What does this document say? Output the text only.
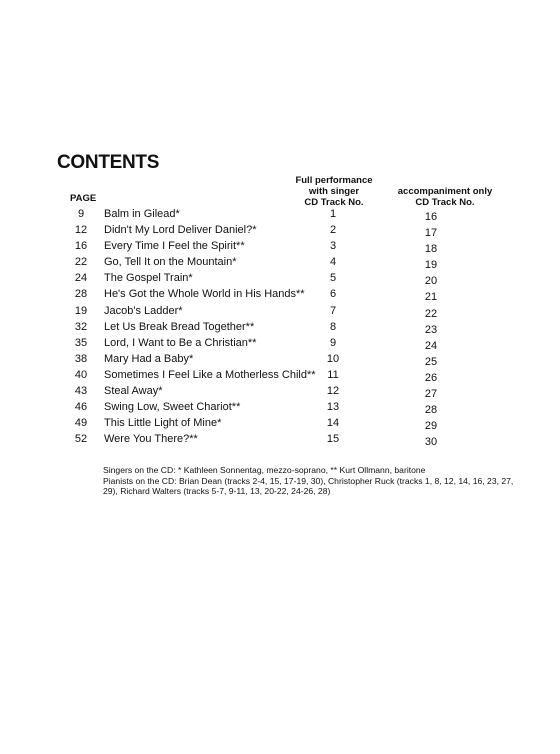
CONTENTS
PAGE
Full performance
with singer
CD Track No.
accompaniment only
CD Track No.
9	Balm in Gilead*	1	16
12	Didn't My Lord Deliver Daniel?*	2	17
16	Every Time I Feel the Spirit**	3	18
22	Go, Tell It on the Mountain*	4	19
24	The Gospel Train*	5	20
28	He's Got the Whole World in His Hands**	6	21
19	Jacob's Ladder*	7	22
32	Let Us Break Bread Together**	8	23
35	Lord, I Want to Be a Christian**	9	24
38	Mary Had a Baby*	10	25
40	Sometimes I Feel Like a Motherless Child**	11	26
43	Steal Away*	12	27
46	Swing Low, Sweet Chariot**	13	28
49	This Little Light of Mine*	14	29
52	Were You There?**	15	30
Singers on the CD: * Kathleen Sonnentag, mezzo-soprano, ** Kurt Ollmann, baritone
Pianists on the CD: Brian Dean (tracks 2-4, 15, 17-19, 30), Christopher Ruck (tracks 1, 8, 12, 14, 16, 23, 27,
29), Richard Walters (tracks 5-7, 9-11, 13, 20-22, 24-26, 28)
